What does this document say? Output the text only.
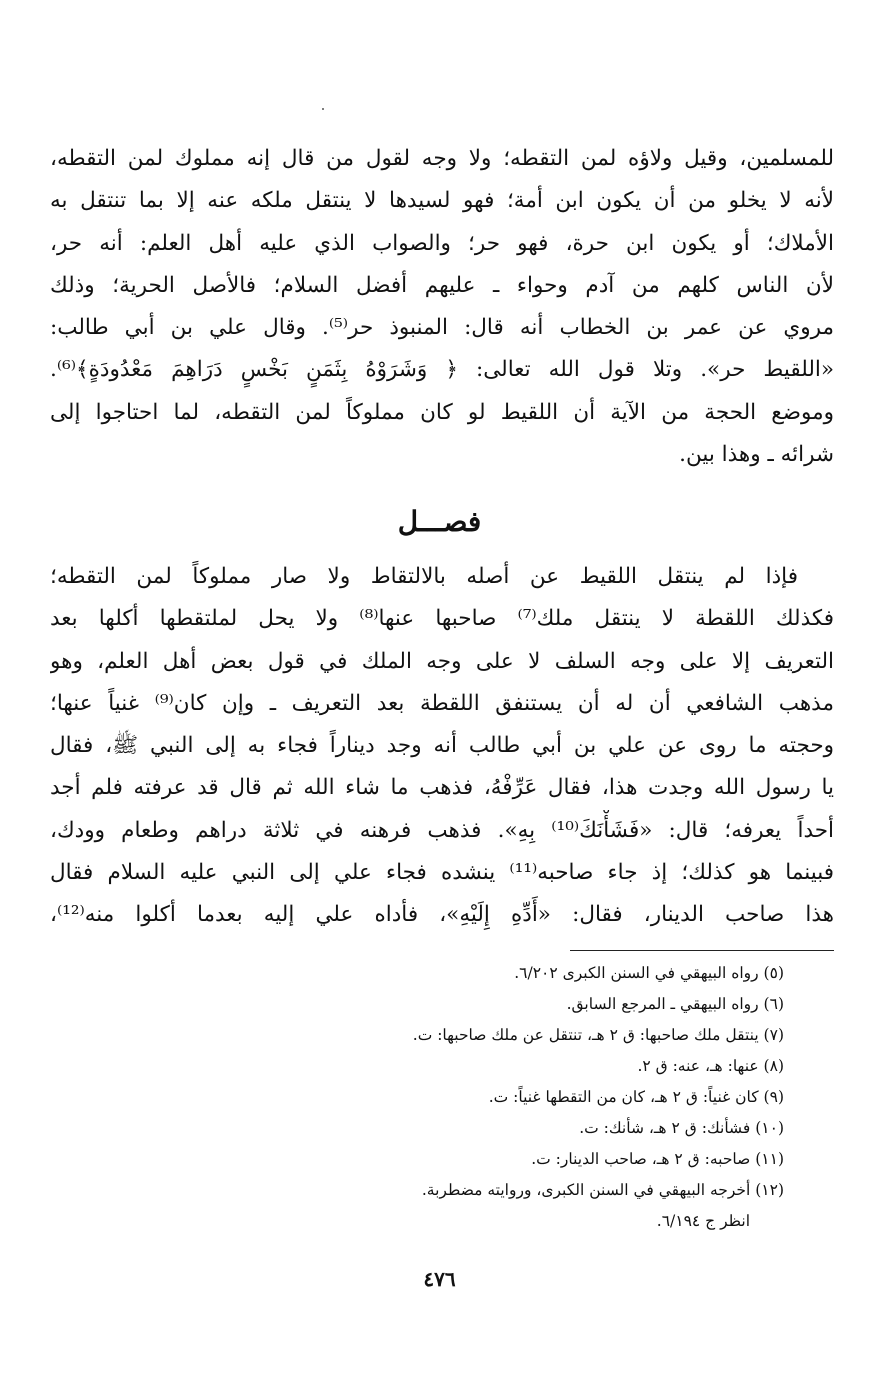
للمسلمين، وقيل ولاؤه لمن التقطه؛ ولا وجه لقول من قال إنه مملوك لمن التقطه،
لأنه لا يخلو من أن يكون ابن أمة؛ فهو لسيدها لا ينتقل ملكه عنه إلا بما تنتقل به
الأملاك؛ أو يكون ابن حرة، فهو حر؛ والصواب الذي عليه أهل العلم: أنه حر،
لأن الناس كلهم من آدم وحواء ـ عليهم أفضل السلام؛ فالأصل الحرية؛ وذلك
مروي عن عمر بن الخطاب أنه قال: المنبوذ حر⁽⁵⁾. وقال علي بن أبي طالب:
«اللقيط حر». وتلا قول الله تعالى: ﴿ وَشَرَوْهُ بِثَمَنٍ بَخْسٍ دَرَاهِمَ مَعْدُودَةٍ﴾⁽⁶⁾.
وموضع الحجة من الآية أن اللقيط لو كان مملوكاً لمن التقطه، لما احتاجوا إلى
شرائه ـ وهذا بين.

فصـــل

فإذا لم ينتقل اللقيط عن أصله بالالتقاط ولا صار مملوكاً لمن التقطه؛
فكذلك اللقطة لا ينتقل ملك⁽⁷⁾ صاحبها عنها⁽⁸⁾ ولا يحل لملتقطها أكلها بعد
التعريف إلا على وجه السلف لا على وجه الملك في قول بعض أهل العلم، وهو
مذهب الشافعي أن له أن يستنفق اللقطة بعد التعريف ـ وإن كان⁽⁹⁾ غنياً عنها؛
وحجته ما روى عن علي بن أبي طالب أنه وجد ديناراً فجاء به إلى النبي ﷺ، فقال
يا رسول الله وجدت هذا، فقال عَرِّفْهُ، فذهب ما شاء الله ثم قال قد عرفته فلم أجد
أحداً يعرفه؛ قال: «فَشَأْنَكَ⁽¹⁰⁾ بِهِ». فذهب فرهنه في ثلاثة دراهم وطعام وودك،
فبينما هو كذلك؛ إذ جاء صاحبه⁽¹¹⁾ ينشده فجاء علي إلى النبي عليه السلام فقال
هذا صاحب الدينار، فقال: «أَدِّهِ إِلَيْهِ»، فأداه علي إليه بعدما أكلوا منه⁽¹²⁾،

(٥) رواه البيهقي في السنن الكبرى ٦/٢٠٢.
(٦) رواه البيهقي ـ المرجع السابق.
(٧) ينتقل ملك صاحبها: ق ٢ هـ، تنتقل عن ملك صاحبها: ت.
(٨) عنها: هـ، عنه: ق ٢.
(٩) كان غنياً: ق ٢ هـ، كان من التقطها غنياً: ت.
(١٠) فشأنك: ق ٢ هـ، شأنك: ت.
(١١) صاحبه: ق ٢ هـ، صاحب الدينار: ت.
(١٢) أخرجه البيهقي في السنن الكبرى، وروايته مضطربة.
انظر ج ٦/١٩٤.
٤٧٦
